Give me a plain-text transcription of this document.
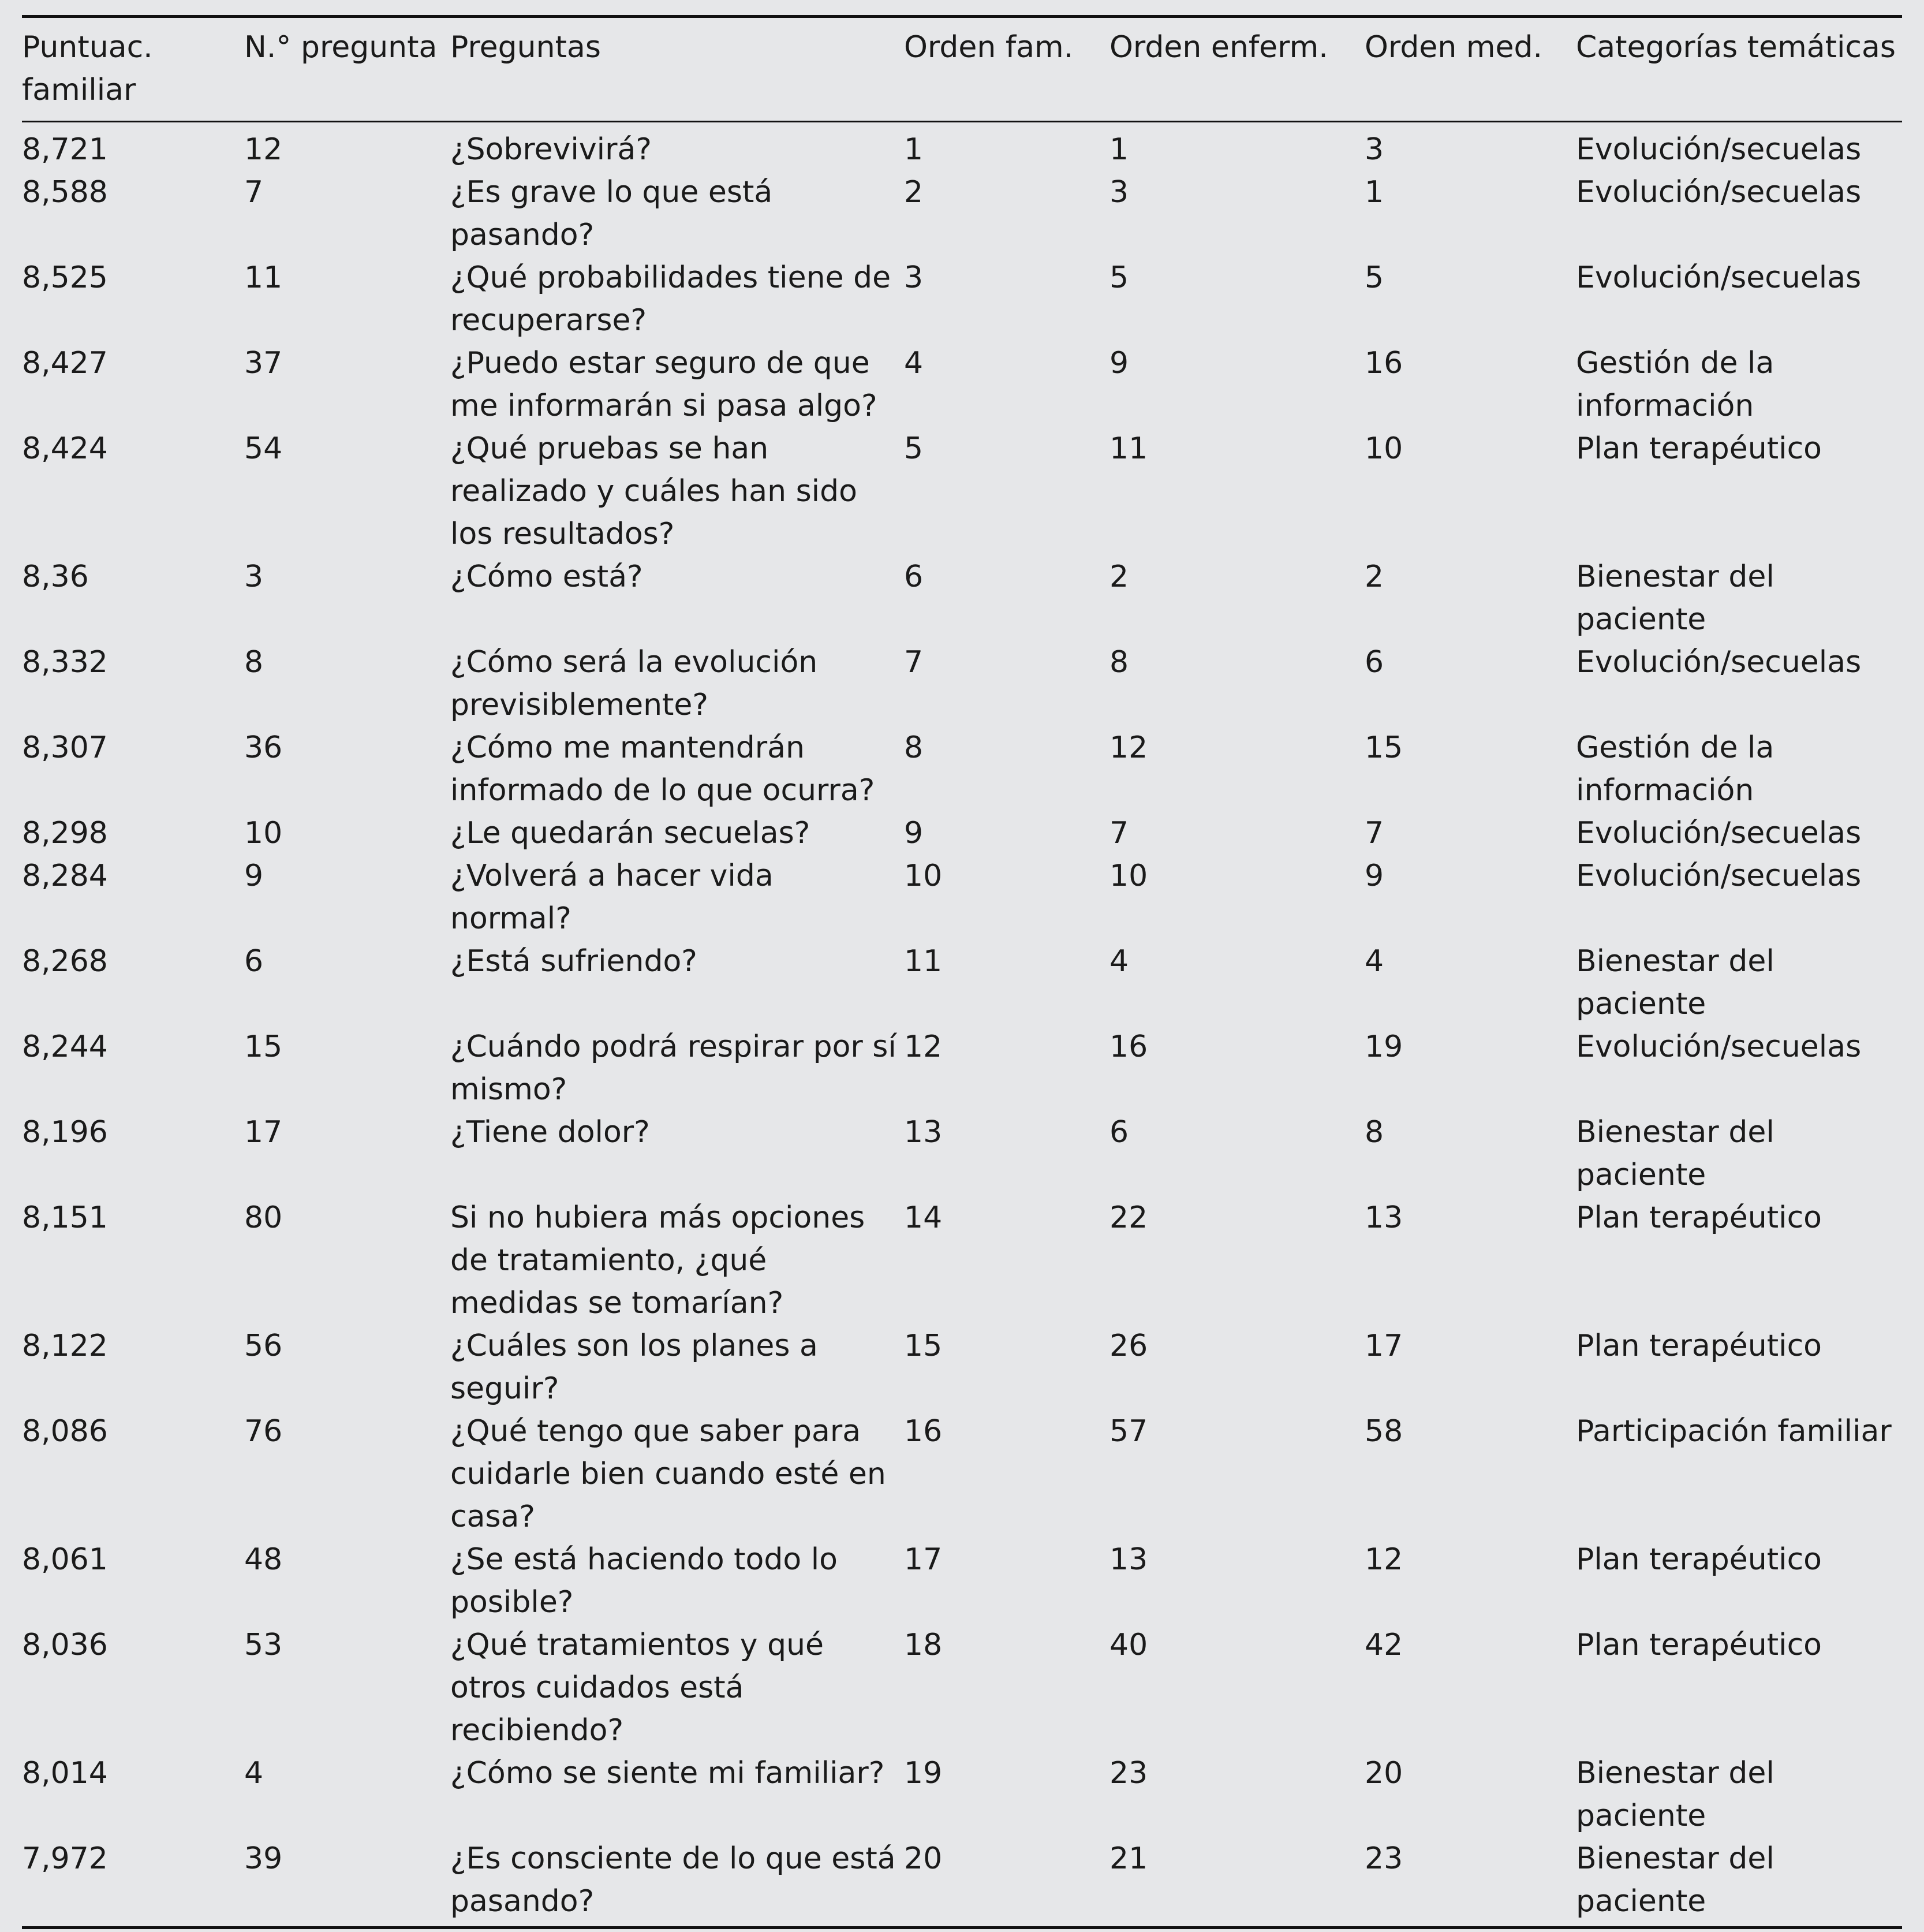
Puntuac. familiar	N.° pregunta	Preguntas	Orden fam.	Orden enferm.	Orden med.	Categorías temáticas
8,721	12	¿Sobrevivirá?	1	1	3	Evolución/secuelas
8,588	7	¿Es grave lo que está pasando?	2	3	1	Evolución/secuelas
8,525	11	¿Qué probabilidades tiene de recuperarse?	3	5	5	Evolución/secuelas
8,427	37	¿Puedo estar seguro de que me informarán si pasa algo?	4	9	16	Gestión de la información
8,424	54	¿Qué pruebas se han realizado y cuáles han sido los resultados?	5	11	10	Plan terapéutico
8,36	3	¿Cómo está?	6	2	2	Bienestar del paciente
8,332	8	¿Cómo será la evolución previsiblemente?	7	8	6	Evolución/secuelas
8,307	36	¿Cómo me mantendrán informado de lo que ocurra?	8	12	15	Gestión de la información
8,298	10	¿Le quedarán secuelas?	9	7	7	Evolución/secuelas
8,284	9	¿Volverá a hacer vida normal?	10	10	9	Evolución/secuelas
8,268	6	¿Está sufriendo?	11	4	4	Bienestar del paciente
8,244	15	¿Cuándo podrá respirar por sí mismo?	12	16	19	Evolución/secuelas
8,196	17	¿Tiene dolor?	13	6	8	Bienestar del paciente
8,151	80	Si no hubiera más opciones de tratamiento, ¿qué medidas se tomarían?	14	22	13	Plan terapéutico
8,122	56	¿Cuáles son los planes a seguir?	15	26	17	Plan terapéutico
8,086	76	¿Qué tengo que saber para cuidarle bien cuando esté en casa?	16	57	58	Participación familiar
8,061	48	¿Se está haciendo todo lo posible?	17	13	12	Plan terapéutico
8,036	53	¿Qué tratamientos y qué otros cuidados está recibiendo?	18	40	42	Plan terapéutico
8,014	4	¿Cómo se siente mi familiar?	19	23	20	Bienestar del paciente
7,972	39	¿Es consciente de lo que está pasando?	20	21	23	Bienestar del paciente
